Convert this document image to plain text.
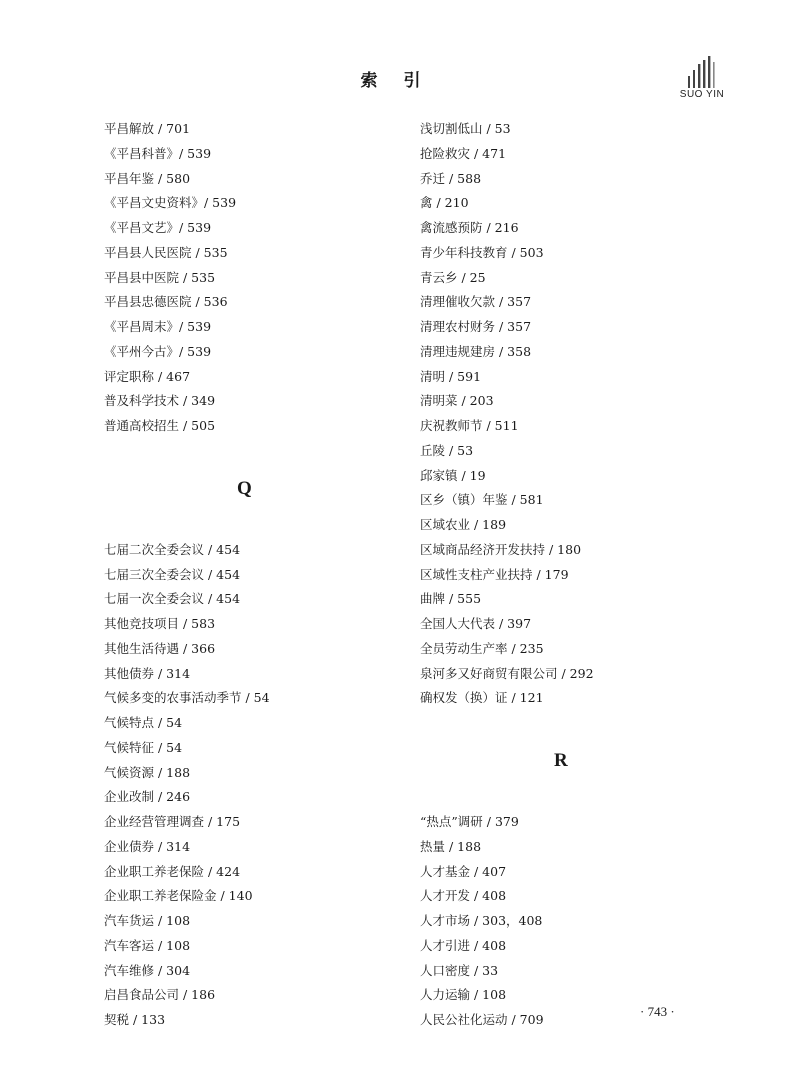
索 引
SUO YIN
平昌解放 / 701
《平昌科普》/ 539
平昌年鉴 / 580
《平昌文史资料》/ 539
《平昌文艺》/ 539
平昌县人民医院 / 535
平昌县中医院 / 535
平昌县忠德医院 / 536
《平昌周末》/ 539
《平州今古》/ 539
评定职称 / 467
普及科学技术 / 349
普通高校招生 / 505
Q
七届二次全委会议 / 454
七届三次全委会议 / 454
七届一次全委会议 / 454
其他竞技项目 / 583
其他生活待遇 / 366
其他债券 / 314
气候多变的农事活动季节 / 54
气候特点 / 54
气候特征 / 54
气候资源 / 188
企业改制 / 246
企业经营管理调查 / 175
企业债券 / 314
企业职工养老保险 / 424
企业职工养老保险金 / 140
汽车货运 / 108
汽车客运 / 108
汽车维修 / 304
启昌食品公司 / 186
契税 / 133
浅切割低山 / 53
抢险救灾 / 471
乔迁 / 588
禽 / 210
禽流感预防 / 216
青少年科技教育 / 503
青云乡 / 25
清理催收欠款 / 357
清理农村财务 / 357
清理违规建房 / 358
清明 / 591
清明菜 / 203
庆祝教师节 / 511
丘陵 / 53
邱家镇 / 19
区乡（镇）年鉴 / 581
区域农业 / 189
区域商品经济开发扶持 / 180
区域性支柱产业扶持 / 179
曲牌 / 555
全国人大代表 / 397
全员劳动生产率 / 235
泉河多又好商贸有限公司 / 292
确权发（换）证 / 121
R
“热点”调研 / 379
热量 / 188
人才基金 / 407
人才开发 / 408
人才市场 / 303，408
人才引进 / 408
人口密度 / 33
人力运输 / 108
人民公社化运动 / 709
· 743 ·
